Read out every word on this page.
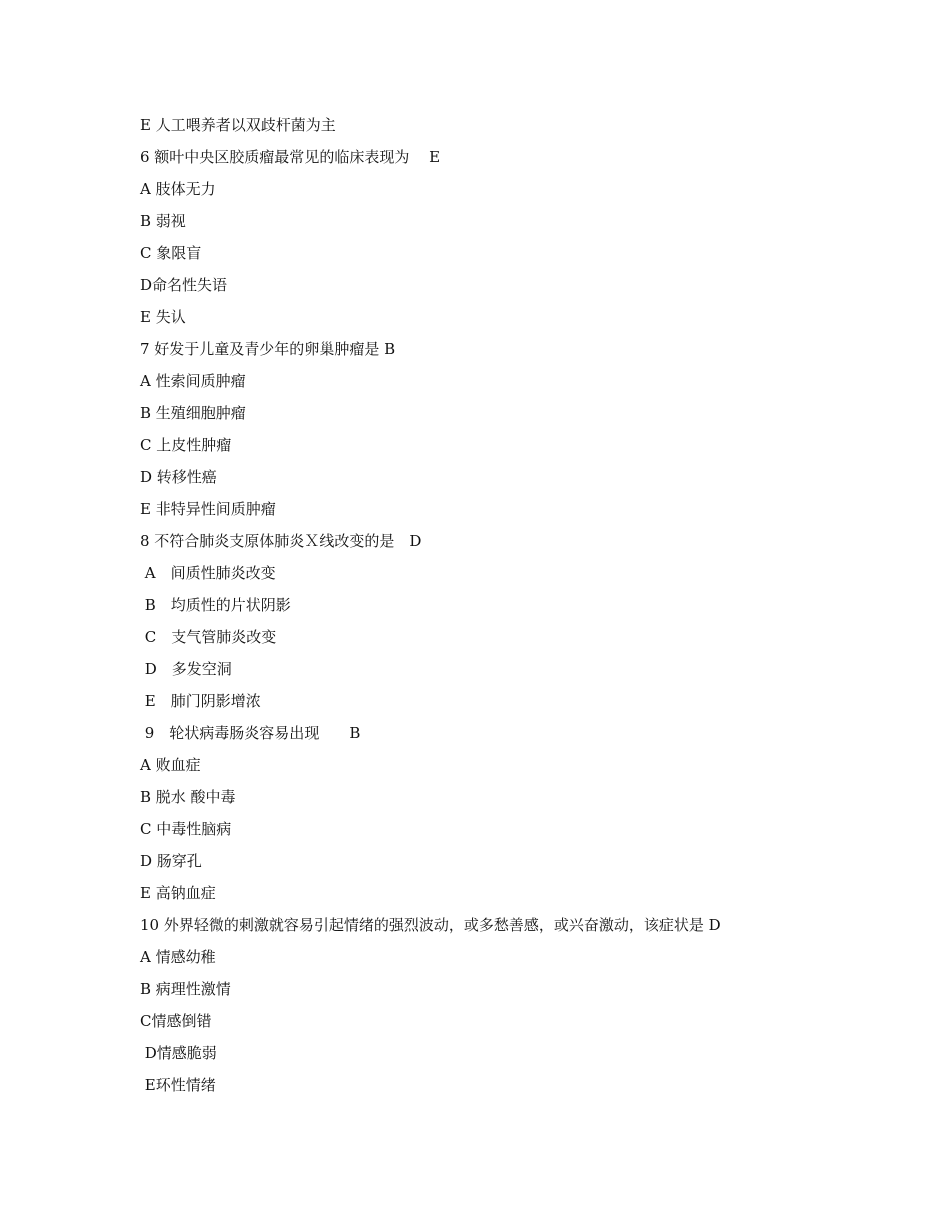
E 人工喂养者以双歧杆菌为主
6 额叶中央区胶质瘤最常见的临床表现为　 E
A 肢体无力
B 弱视
C 象限盲
D命名性失语
E 失认
7 好发于儿童及青少年的卵巢肿瘤是 B
A 性索间质肿瘤
B 生殖细胞肿瘤
C 上皮性肿瘤
D 转移性癌
E 非特异性间质肿瘤
8 不符合肺炎支原体肺炎Ｘ线改变的是　D
A　间质性肺炎改变
B　均质性的片状阴影
C　支气管肺炎改变
D　多发空洞
E　肺门阴影增浓
9　轮状病毒肠炎容易出现　　B
A 败血症
B 脱水 酸中毒
C 中毒性脑病
D 肠穿孔
E 高钠血症
10 外界轻微的刺激就容易引起情绪的强烈波动，或多愁善感，或兴奋激动，该症状是 D
A 情感幼稚
B 病理性激情
C情感倒错
D情感脆弱
E环性情绪
